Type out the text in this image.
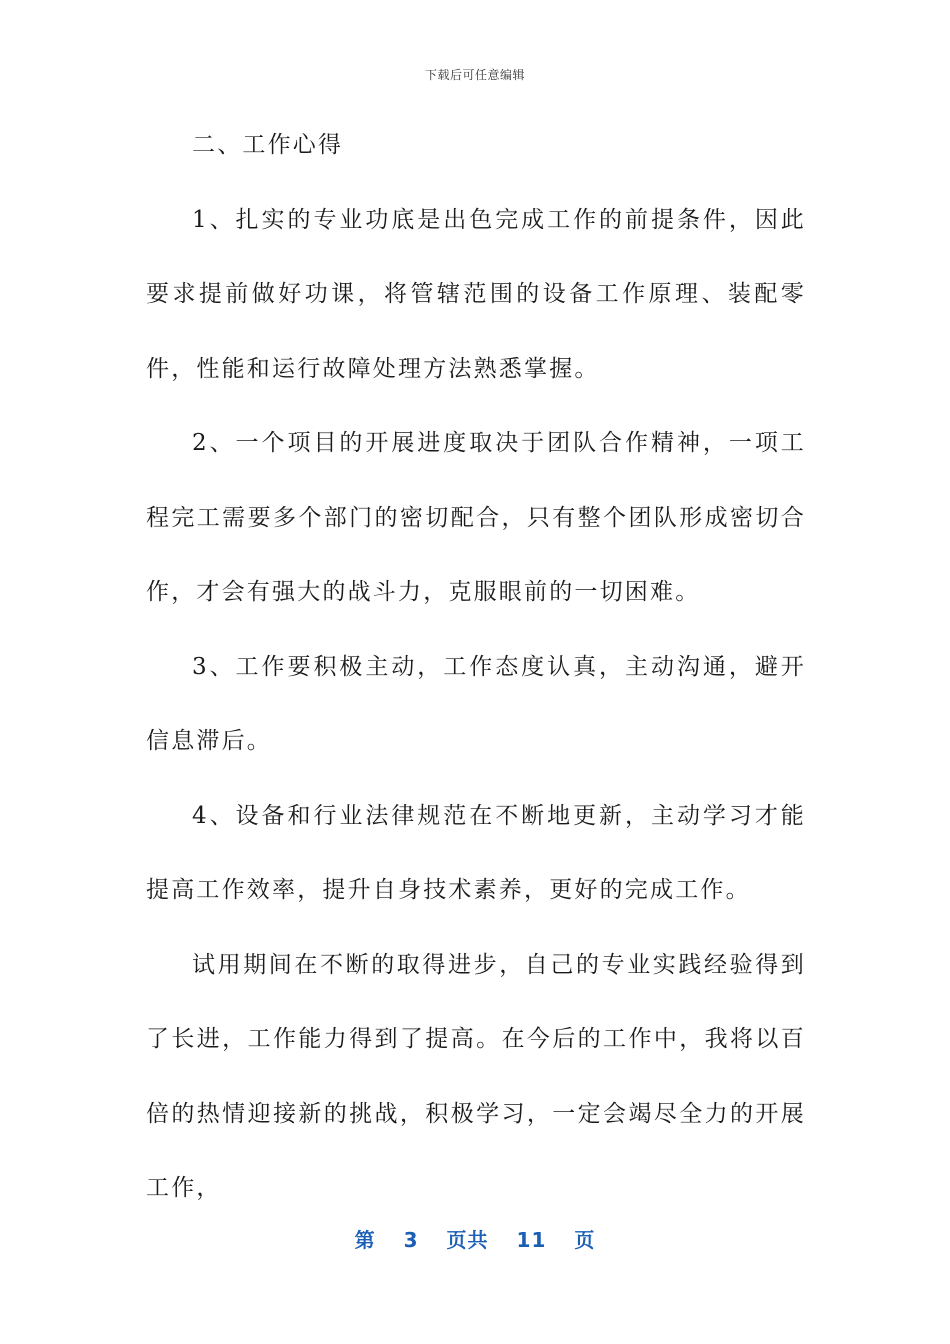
下载后可任意编辑

二、工作心得

1、扎实的专业功底是出色完成工作的前提条件，因此要求提前做好功课，将管辖范围的设备工作原理、装配零件，性能和运行故障处理方法熟悉掌握。

2、一个项目的开展进度取决于团队合作精神，一项工程完工需要多个部门的密切配合，只有整个团队形成密切合作，才会有强大的战斗力，克服眼前的一切困难。

3、工作要积极主动，工作态度认真，主动沟通，避开信息滞后。

4、设备和行业法律规范在不断地更新，主动学习才能提高工作效率，提升自身技术素养，更好的完成工作。

试用期间在不断的取得进步，自己的专业实践经验得到了长进，工作能力得到了提高。在今后的工作中，我将以百倍的热情迎接新的挑战，积极学习，一定会竭尽全力的开展工作，

第 3 页共 11 页
